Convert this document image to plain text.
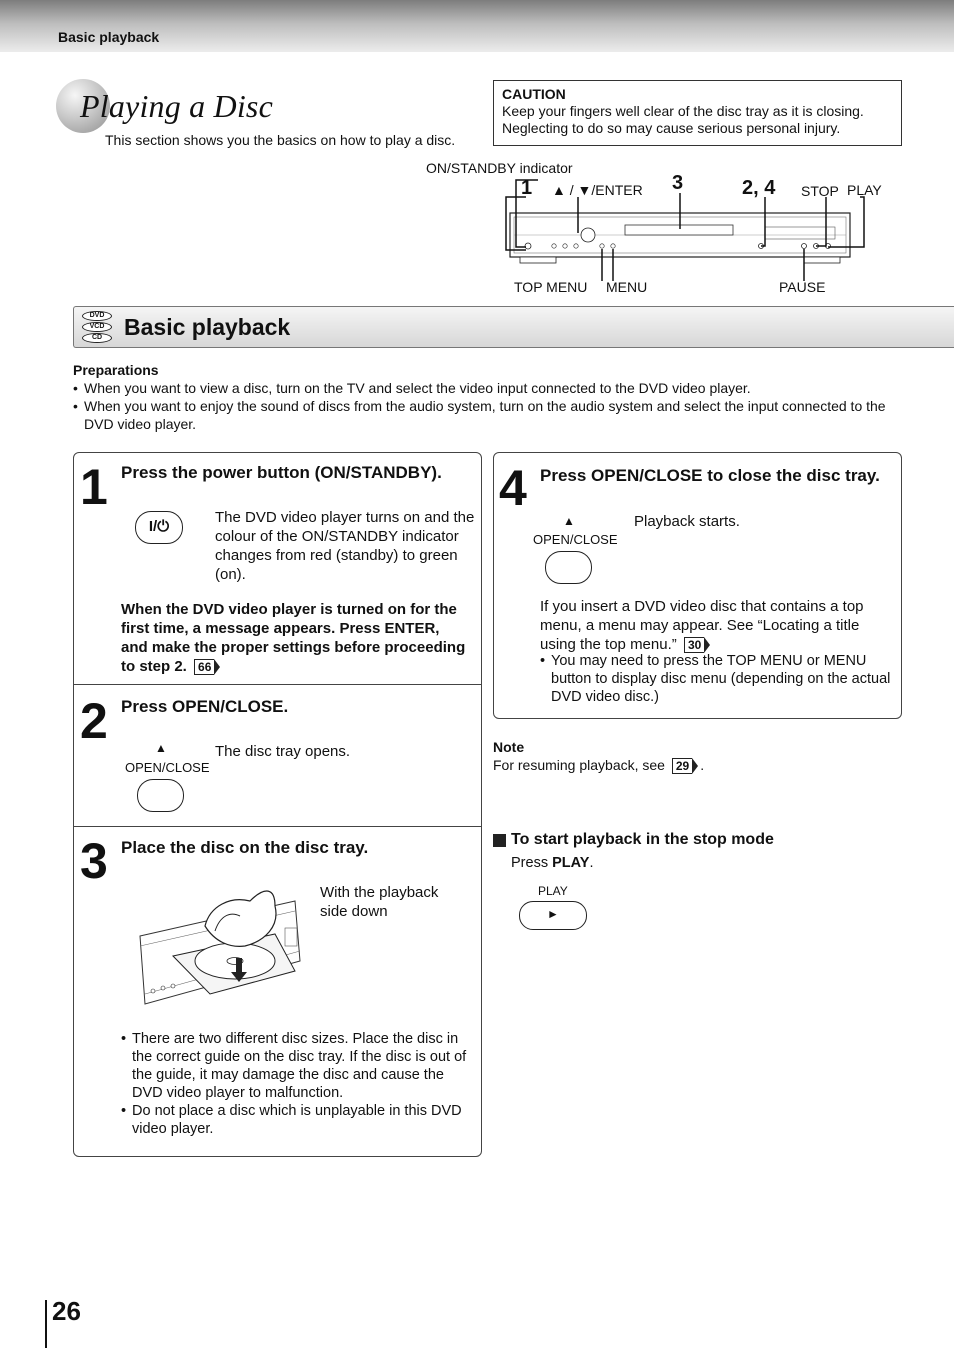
Basic playback
Playing a Disc
This section shows you the basics on how to play a disc.
CAUTION
Keep your fingers well clear of the disc tray as it is closing.
Neglecting to do so may cause serious personal injury.
ON/STANDBY indicator
1 ▲ / ▼/ENTER 3	2, 4 STOP PLAY
TOP MENU MENU	PAUSE
DVD
VCD
CD Basic playback
Preparations
• When you want to view a disc, turn on the TV and select the video input connected to the DVD video player.
• When you want to enjoy the sound of discs from the audio system, turn on the audio system and select the input connected to the DVD video player.
1 Press the power button (ON/STANDBY).
I/⏻
The DVD video player turns on and the colour of the ON/STANDBY indicator changes from red (standby) to green (on).
When the DVD video player is turned on for the first time, a message appears. Press ENTER, and make the proper settings before proceeding to step 2. 66
2 Press OPEN/CLOSE.
▲
OPEN/CLOSE
The disc tray opens.
3 Place the disc on the disc tray.
With the playback side down
• There are two different disc sizes. Place the disc in the correct guide on the disc tray. If the disc is out of the guide, it may damage the disc and cause the DVD video player to malfunction.
• Do not place a disc which is unplayable in this DVD video player.
4 Press OPEN/CLOSE to close the disc tray.
▲
OPEN/CLOSE
Playback starts.
If you insert a DVD video disc that contains a top menu, a menu may appear. See “Locating a title using the top menu.” 30
• You may need to press the TOP MENU or MENU button to display disc menu (depending on the actual DVD video disc.)
Note
For resuming playback, see 29 .
To start playback in the stop mode
Press PLAY.
PLAY
►
26
